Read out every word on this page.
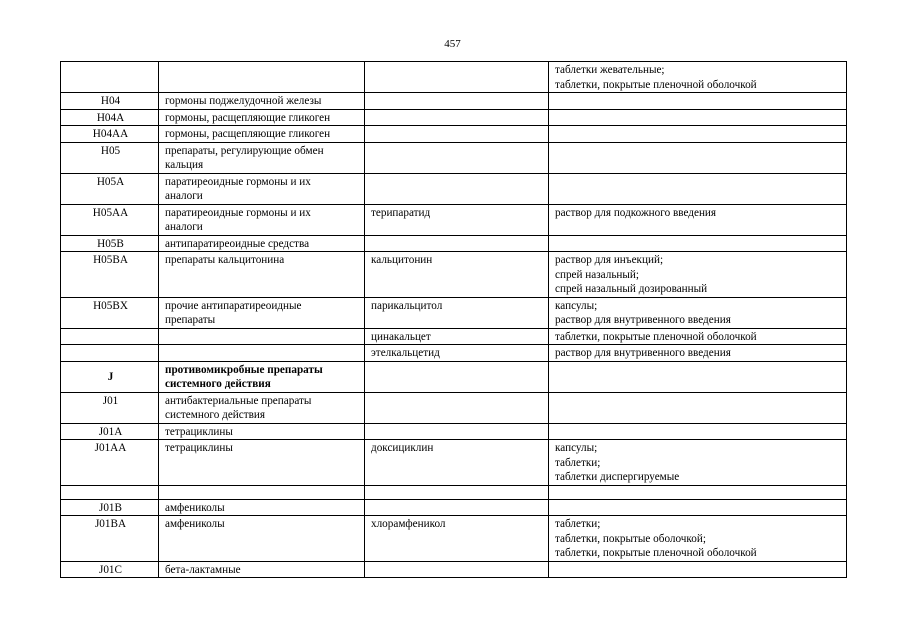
457

			таблетки жевательные;
таблетки, покрытые пленочной оболочкой

H04	гормоны поджелудочной железы		

H04A	гормоны, расщепляющие гликоген		

H04AA	гормоны, расщепляющие гликоген		

H05	препараты, регулирующие обмен
кальция		

H05A	паратиреоидные гормоны и их
аналоги		

H05AA	паратиреоидные гормоны и их
аналоги	терипаратид	раствор для подкожного введения

H05B	антипаратиреоидные средства		

H05BA	препараты кальцитонина	кальцитонин	раствор для инъекций;
спрей назальный;
спрей назальный дозированный

H05BX	прочие антипаратиреоидные
препараты	парикальцитол	капсулы;
раствор для внутривенного введения

		цинакальцет	таблетки, покрытые пленочной оболочкой

		этелкальцетид	раствор для внутривенного введения

J	противомикробные препараты
системного действия		

J01	антибактериальные препараты
системного действия		

J01A	тетрациклины		

J01AA	тетрациклины	доксициклин	капсулы;
таблетки;
таблетки диспергируемые

J01B	амфениколы		

J01BA	амфениколы	хлорамфеникол	таблетки;
таблетки, покрытые оболочкой;
таблетки, покрытые пленочной оболочкой

J01C	бета-лактамные		
